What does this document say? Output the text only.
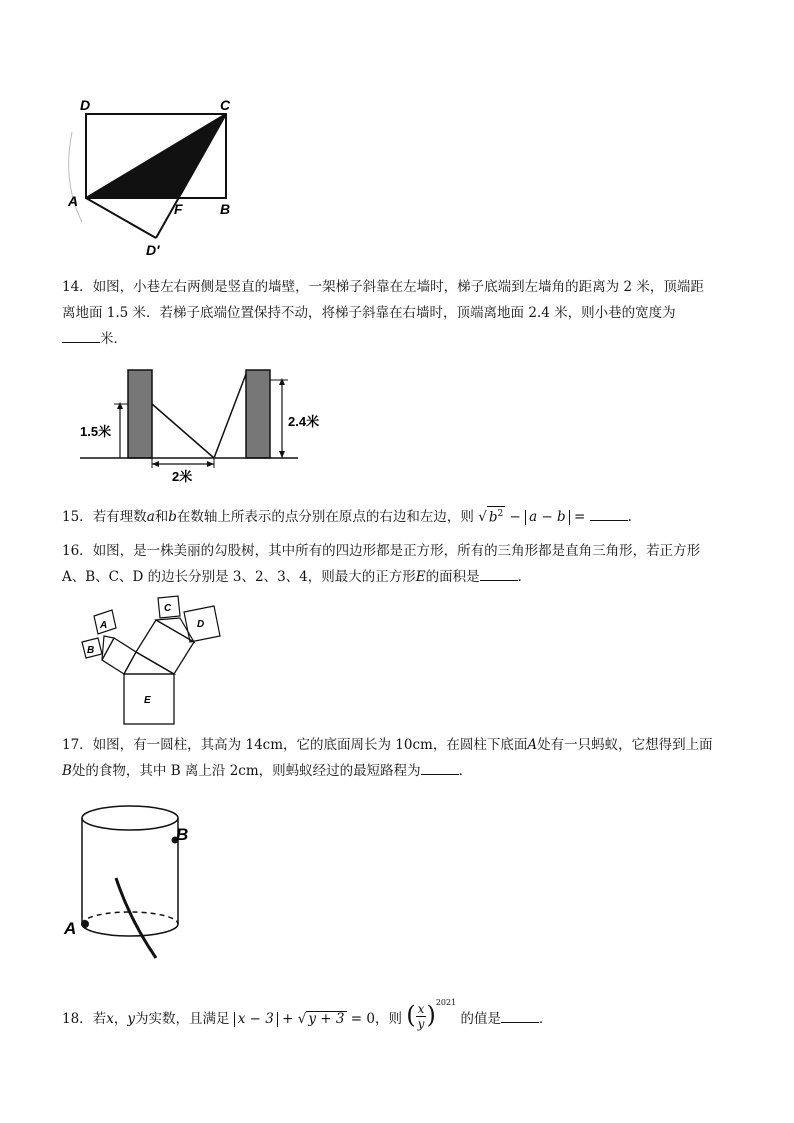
D	C
A	F	B
D′
14．如图，小巷左右两侧是竖直的墙壁，一架梯子斜靠在左墙时，梯子底端到左墙角的距离为 2 米，顶端距
离地面 1.5 米．若梯子底端位置保持不动，将梯子斜靠在右墙时，顶端离地面 2.4 米，则小巷的宽度为
米．
1.5米
2.4米
2米
15．若有理数a和b在数轴上所表示的点分别在原点的右边和左边，则 √ $b^2 - a - b$ =	.
16．如图，是一株美丽的勾股树，其中所有的四边形都是正方形，所有的三角形都是直角三角形，若正方形
A、B、C、D 的边长分别是 3、2、3、4，则最大的正方形E的面积是	．
A
B
C
D
E
17．如图，有一圆柱，其高为 14cm，它的底面周长为 10cm，在圆柱下底面A处有一只蚂蚁，它想得到上面
B处的食物，其中 B 离上沿 2cm，则蚂蚁经过的最短路程为	．
A
B
18．若x，y为实数，且满足 x − 3 + √ y + 3 = 0，则 ( $\frac{x}{y} )^{2021}$ 的值是	．
